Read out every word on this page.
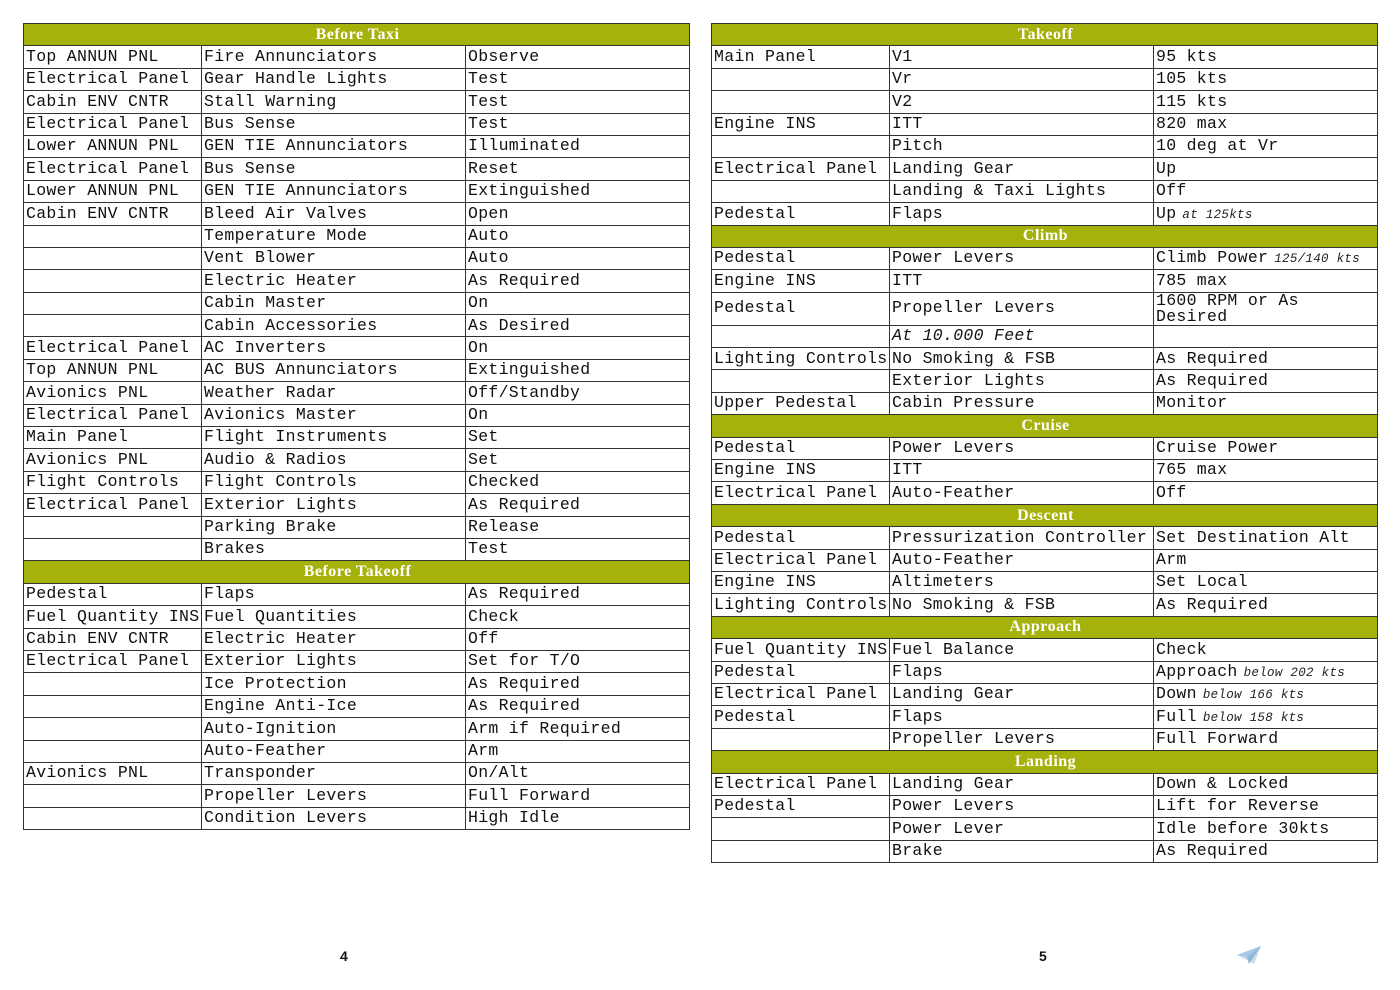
Before Taxi		
Top ANNUN PNL	Fire Annunciators	Observe
Electrical Panel	Gear Handle Lights	Test
Cabin ENV CNTR	Stall Warning	Test
Electrical Panel	Bus Sense	Test
Lower ANNUN PNL	GEN TIE Annunciators	Illuminated
Electrical Panel	Bus Sense	Reset
Lower ANNUN PNL	GEN TIE Annunciators	Extinguished
Cabin ENV CNTR	Bleed Air Valves	Open
	Temperature Mode	Auto
	Vent Blower	Auto
	Electric Heater	As Required
	Cabin Master	On
	Cabin Accessories	As Desired
Electrical Panel	AC Inverters	On
Top ANNUN PNL	AC BUS Annunciators	Extinguished
Avionics PNL	Weather Radar	Off/Standby
Electrical Panel	Avionics Master	On
Main Panel	Flight Instruments	Set
Avionics PNL	Audio & Radios	Set
Flight Controls	Flight Controls	Checked
Electrical Panel	Exterior Lights	As Required
	Parking Brake	Release
	Brakes	Test
Before Takeoff		
Pedestal	Flaps	As Required
Fuel Quantity INS	Fuel Quantities	Check
Cabin ENV CNTR	Electric Heater	Off
Electrical Panel	Exterior Lights	Set for T/O
	Ice Protection	As Required
	Engine Anti-Ice	As Required
	Auto-Ignition	Arm if Required
	Auto-Feather	Arm
Avionics PNL	Transponder	On/Alt
	Propeller Levers	Full Forward
	Condition Levers	High Idle
4
Takeoff		
Main Panel	V1	95 kts
	Vr	105 kts
	V2	115 kts
Engine INS	ITT	820 max
	Pitch	10 deg at Vr
Electrical Panel	Landing Gear	Up
	Landing & Taxi Lights	Off
Pedestal	Flaps	Up at 125kts
Climb		
Pedestal	Power Levers	Climb Power 125/140 kts
Engine INS	ITT	785 max
Pedestal	Propeller Levers	1600 RPM or As Desired
	At 10.000 Feet	
Lighting Controls	No Smoking & FSB	As Required
	Exterior Lights	As Required
Upper Pedestal	Cabin Pressure	Monitor
Cruise		
Pedestal	Power Levers	Cruise Power
Engine INS	ITT	765 max
Electrical Panel	Auto-Feather	Off
Descent		
Pedestal	Pressurization Controller	Set Destination Alt
Electrical Panel	Auto-Feather	Arm
Engine INS	Altimeters	Set Local
Lighting Controls	No Smoking & FSB	As Required
Approach		
Fuel Quantity INS	Fuel Balance	Check
Pedestal	Flaps	Approach below 202 kts
Electrical Panel	Landing Gear	Down below 166 kts
Pedestal	Flaps	Full below 158 kts
	Propeller Levers	Full Forward
Landing		
Electrical Panel	Landing Gear	Down & Locked
Pedestal	Power Levers	Lift for Reverse
	Power Lever	Idle before 30kts
	Brake	As Required
5
